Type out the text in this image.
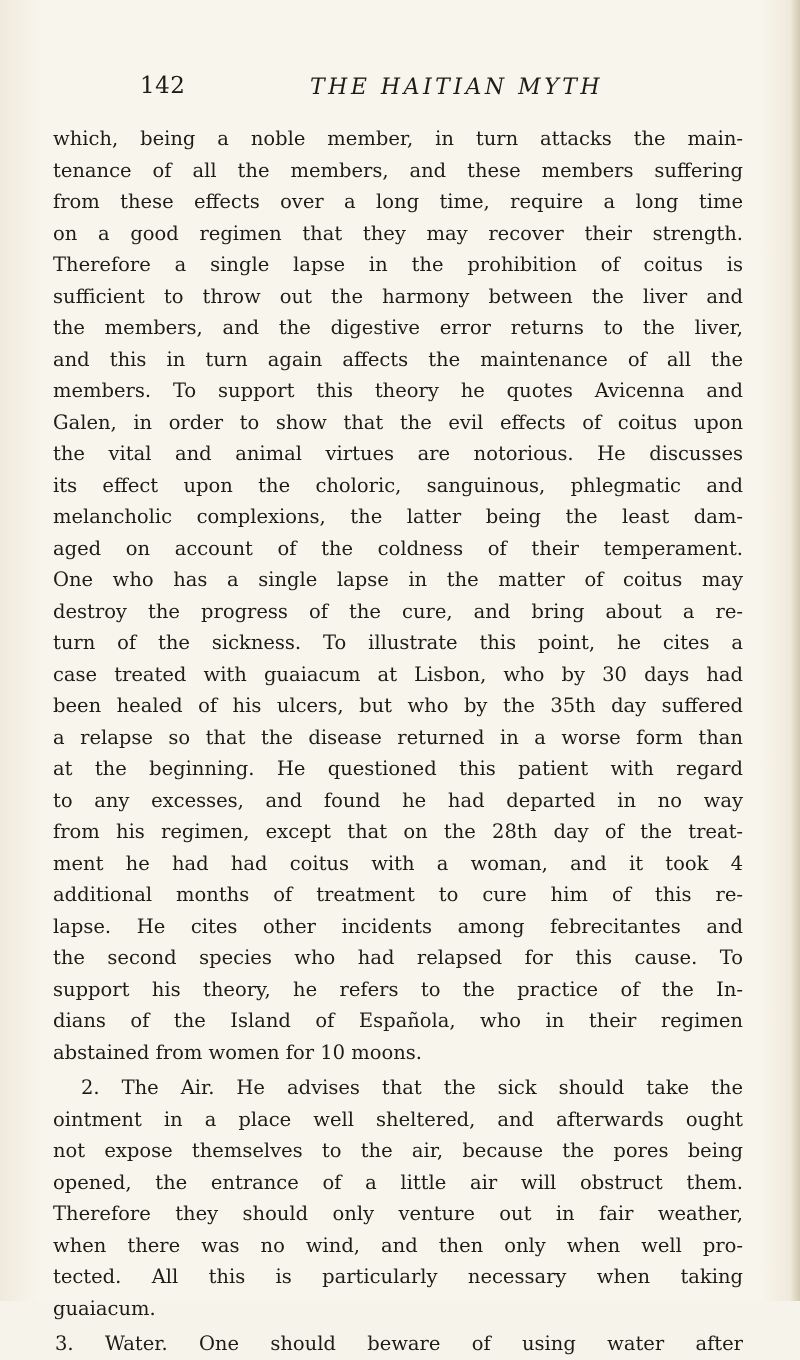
142	THE HAITIAN MYTH
which, being a noble member, in turn attacks the main-
tenance of all the members, and these members suffering
from these effects over a long time, require a long time
on a good regimen that they may recover their strength.
Therefore a single lapse in the prohibition of coitus is
sufficient to throw out the harmony between the liver and
the members, and the digestive error returns to the liver,
and this in turn again affects the maintenance of all the
members. To support this theory he quotes Avicenna and
Galen, in order to show that the evil effects of coitus upon
the vital and animal virtues are notorious. He discusses
its effect upon the choloric, sanguinous, phlegmatic and
melancholic complexions, the latter being the least dam-
aged on account of the coldness of their temperament.
One who has a single lapse in the matter of coitus may
destroy the progress of the cure, and bring about a re-
turn of the sickness. To illustrate this point, he cites a
case treated with guaiacum at Lisbon, who by 30 days had
been healed of his ulcers, but who by the 35th day suffered
a relapse so that the disease returned in a worse form than
at the beginning. He questioned this patient with regard
to any excesses, and found he had departed in no way
from his regimen, except that on the 28th day of the treat-
ment he had had coitus with a woman, and it took 4
additional months of treatment to cure him of this re-
lapse. He cites other incidents among febrecitantes and
the second species who had relapsed for this cause. To
support his theory, he refers to the practice of the In-
dians of the Island of Española, who in their regimen
abstained from women for 10 moons.
2. The Air. He advises that the sick should take the
ointment in a place well sheltered, and afterwards ought
not expose themselves to the air, because the pores being
opened, the entrance of a little air will obstruct them.
Therefore they should only venture out in fair weather,
when there was no wind, and then only when well pro-
tected. All this is particularly necessary when taking
guaiacum.
3. Water. One should beware of using water after
